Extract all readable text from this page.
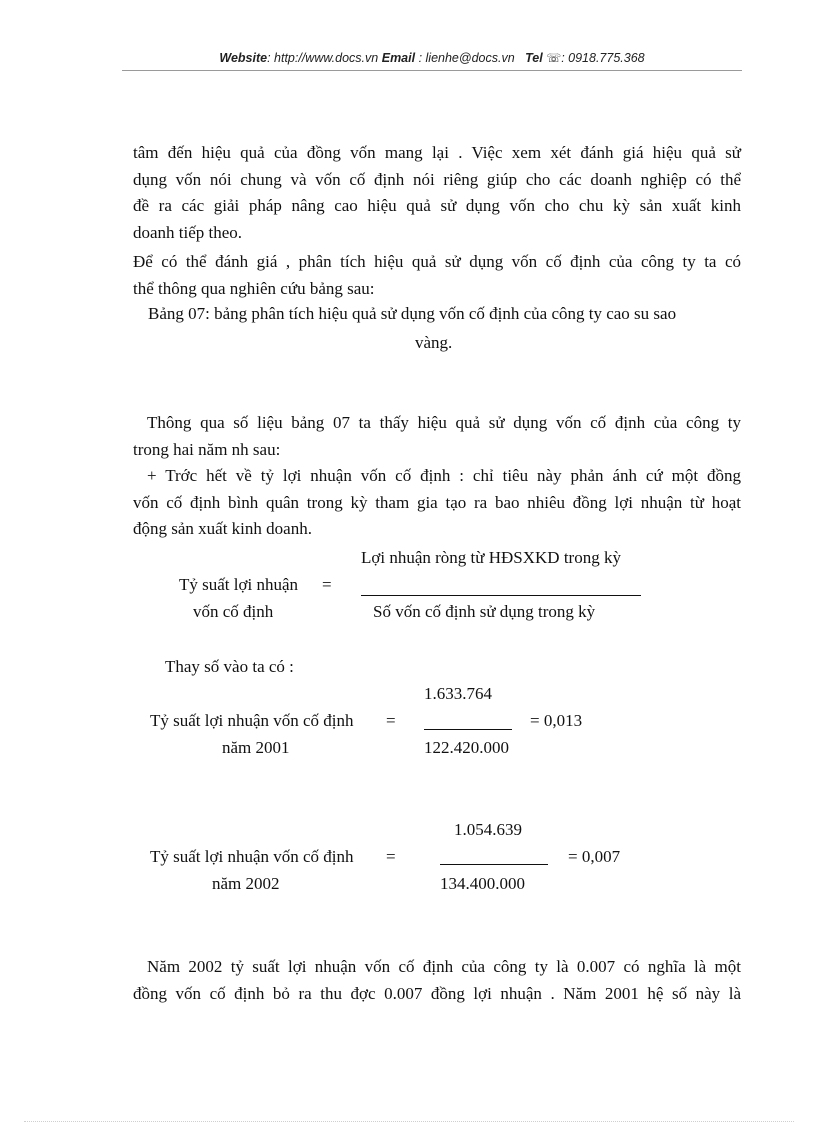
Website: http://www.docs.vn Email : lienhe@docs.vn Tel ☏: 0918.775.368
tâm đến hiệu quả của đồng vốn mang lại . Việc xem xét đánh giá hiệu quả sử
dụng vốn nói chung và vốn cố định nói riêng giúp cho các doanh nghiệp có thể
đề ra các giải pháp nâng cao hiệu quả sử dụng vốn cho chu kỳ sản xuất kinh
doanh tiếp theo.
Để có thể đánh giá , phân tích hiệu quả sử dụng vốn cố định của công ty ta có
thể thông qua nghiên cứu bảng sau:
Bảng 07: bảng phân tích hiệu quả sử dụng vốn cố định của công ty cao su sao
vàng.
Thông qua số liệu bảng 07 ta thấy hiệu quả sử dụng vốn cố định của công ty
trong hai năm nh sau:
+ Trớc hết về tỷ lợi nhuận vốn cố định : chỉ tiêu này phản ánh cứ một đồng
vốn cố định bình quân trong kỳ tham gia tạo ra bao nhiêu đồng lợi nhuận từ hoạt
động sản xuất kinh doanh.
Lợi nhuận ròng từ HĐSXKD trong kỳ
Tỷ suất lợi nhuận =
vốn cố định	Số vốn cố định sử dụng trong kỳ
Thay số vào ta có :
1.633.764
Tỷ suất lợi nhuận vốn cố định =	= 0,013
năm 2001	122.420.000
1.054.639
Tỷ suất lợi nhuận vốn cố định =	= 0,007
năm 2002	134.400.000
Năm 2002 tỷ suất lợi nhuận vốn cố định của công ty là 0.007 có nghĩa là một
đồng vốn cố định bỏ ra thu đợc 0.007 đồng lợi nhuận . Năm 2001 hệ số này là
